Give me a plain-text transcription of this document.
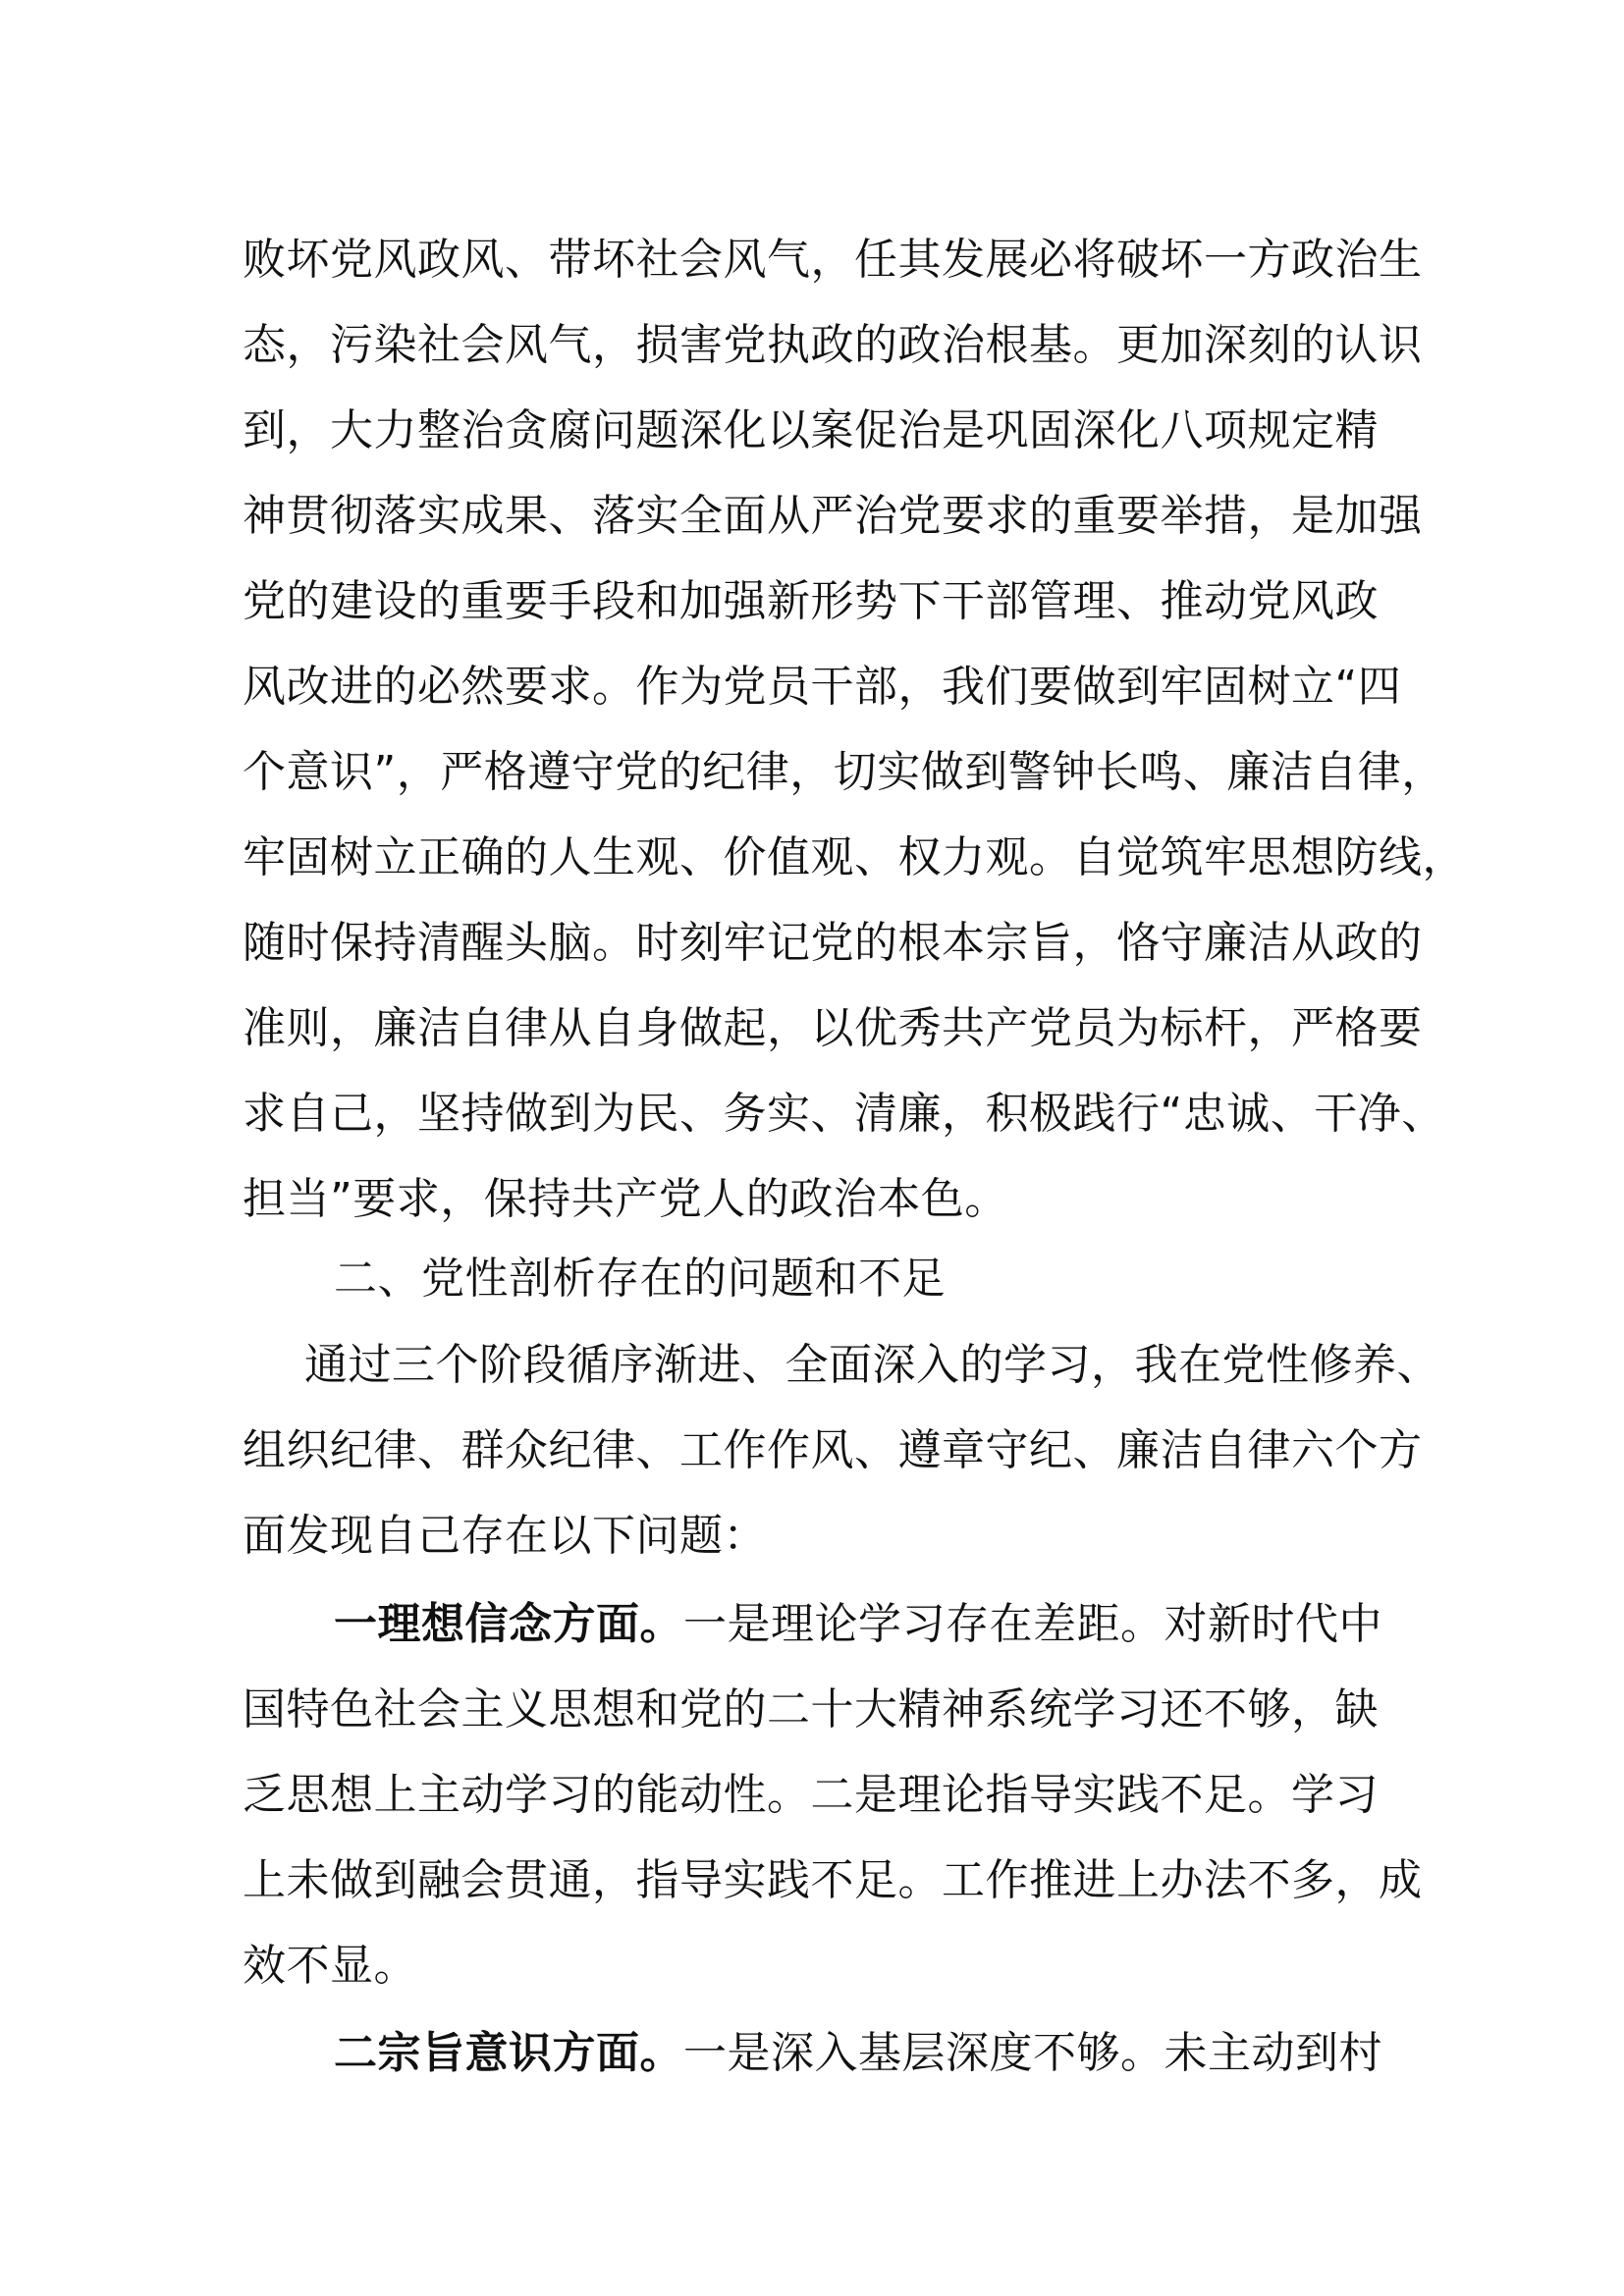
败坏党风政风、带坏社会风气，任其发展必将破坏一方政治生
态，污染社会风气，损害党执政的政治根基。更加深刻的认识
到，大力整治贪腐问题深化以案促治是巩固深化八项规定精
神贯彻落实成果、落实全面从严治党要求的重要举措，是加强
党的建设的重要手段和加强新形势下干部管理、推动党风政
风改进的必然要求。作为党员干部，我们要做到牢固树立“四
个意识”，严格遵守党的纪律，切实做到警钟长鸣、廉洁自律，
牢固树立正确的人生观、价值观、权力观。自觉筑牢思想防线，
随时保持清醒头脑。时刻牢记党的根本宗旨，恪守廉洁从政的
准则，廉洁自律从自身做起，以优秀共产党员为标杆，严格要
求自己，坚持做到为民、务实、清廉，积极践行“忠诚、干净、
担当”要求，保持共产党人的政治本色。
二、党性剖析存在的问题和不足
通过三个阶段循序渐进、全面深入的学习，我在党性修养、
组织纪律、群众纪律、工作作风、遵章守纪、廉洁自律六个方
面发现自己存在以下问题：
一理想信念方面。一是理论学习存在差距。对新时代中
国特色社会主义思想和党的二十大精神系统学习还不够，缺
乏思想上主动学习的能动性。二是理论指导实践不足。学习
上未做到融会贯通，指导实践不足。工作推进上办法不多，成
效不显。
二宗旨意识方面。一是深入基层深度不够。未主动到村
